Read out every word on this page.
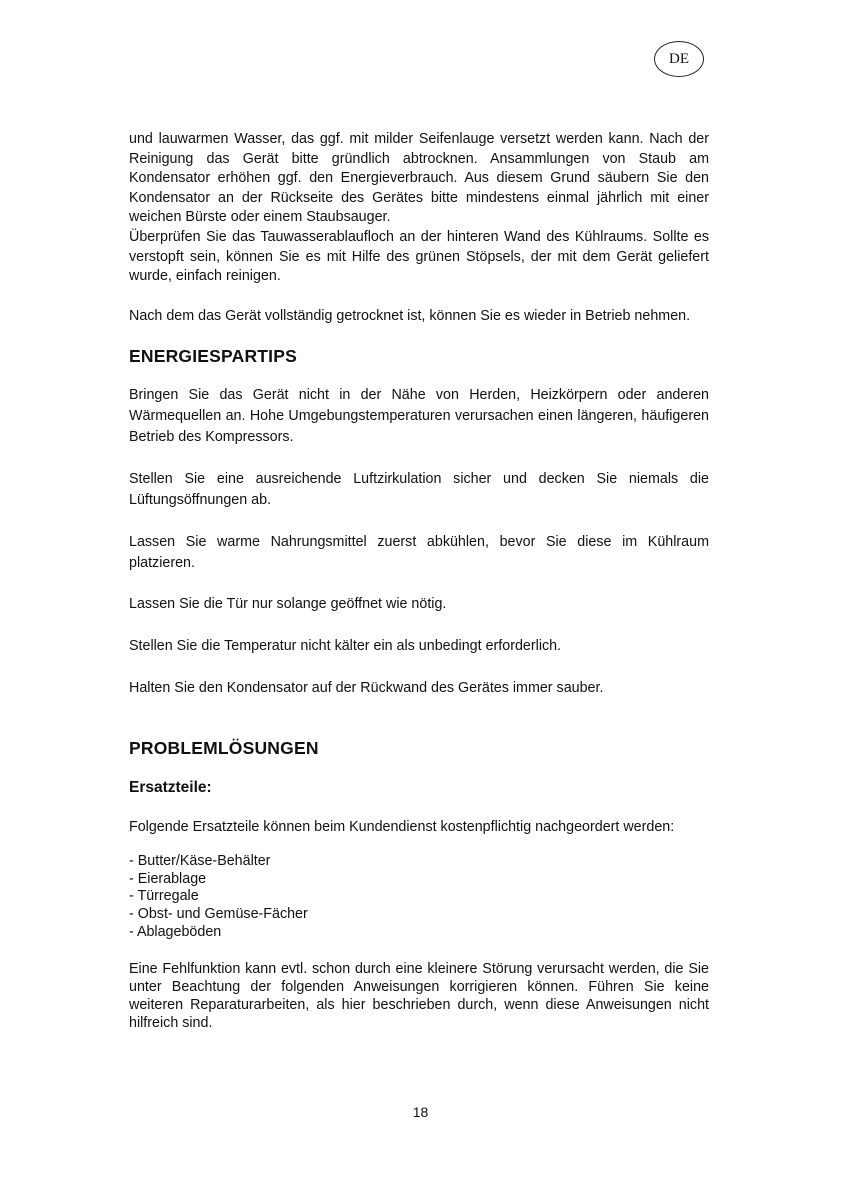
DE

und lauwarmen Wasser, das ggf. mit milder Seifenlauge versetzt werden kann. Nach der Reinigung das Gerät bitte gründlich abtrocknen. Ansammlungen von Staub am Kondensator erhöhen ggf. den Energieverbrauch. Aus diesem Grund säubern Sie den Kondensator an der Rückseite des Gerätes bitte mindestens einmal jährlich mit einer weichen Bürste oder einem Staubsauger.

Überprüfen Sie das Tauwasserablaufloch an der hinteren Wand des Kühlraums. Sollte es verstopft sein, können Sie es mit Hilfe des grünen Stöpsels, der mit dem Gerät geliefert wurde, einfach reinigen.

Nach dem das Gerät vollständig getrocknet ist, können Sie es wieder in Betrieb nehmen.

ENERGIESPARTIPS

Bringen Sie das Gerät nicht in der Nähe von Herden, Heizkörpern oder anderen Wärmequellen an. Hohe Umgebungstemperaturen verursachen einen längeren, häufigeren Betrieb des Kompressors.

Stellen Sie eine ausreichende Luftzirkulation sicher und decken Sie niemals die Lüftungsöffnungen ab.

Lassen Sie warme Nahrungsmittel zuerst abkühlen, bevor Sie diese im Kühlraum platzieren.

Lassen Sie die Tür nur solange geöffnet wie nötig.

Stellen Sie die Temperatur nicht kälter ein als unbedingt erforderlich.

Halten Sie den Kondensator auf der Rückwand des Gerätes immer sauber.

PROBLEMLÖSUNGEN
Ersatzteile:

Folgende Ersatzteile können beim Kundendienst kostenpflichtig nachgeordert werden:

- Butter/Käse-Behälter
- Eierablage
- Türregale
- Obst- und Gemüse-Fächer
- Ablageböden

Eine Fehlfunktion kann evtl. schon durch eine kleinere Störung verursacht werden, die Sie unter Beachtung der folgenden Anweisungen korrigieren können. Führen Sie keine weiteren Reparaturarbeiten, als hier beschrieben durch, wenn diese Anweisungen nicht hilfreich sind.

18
